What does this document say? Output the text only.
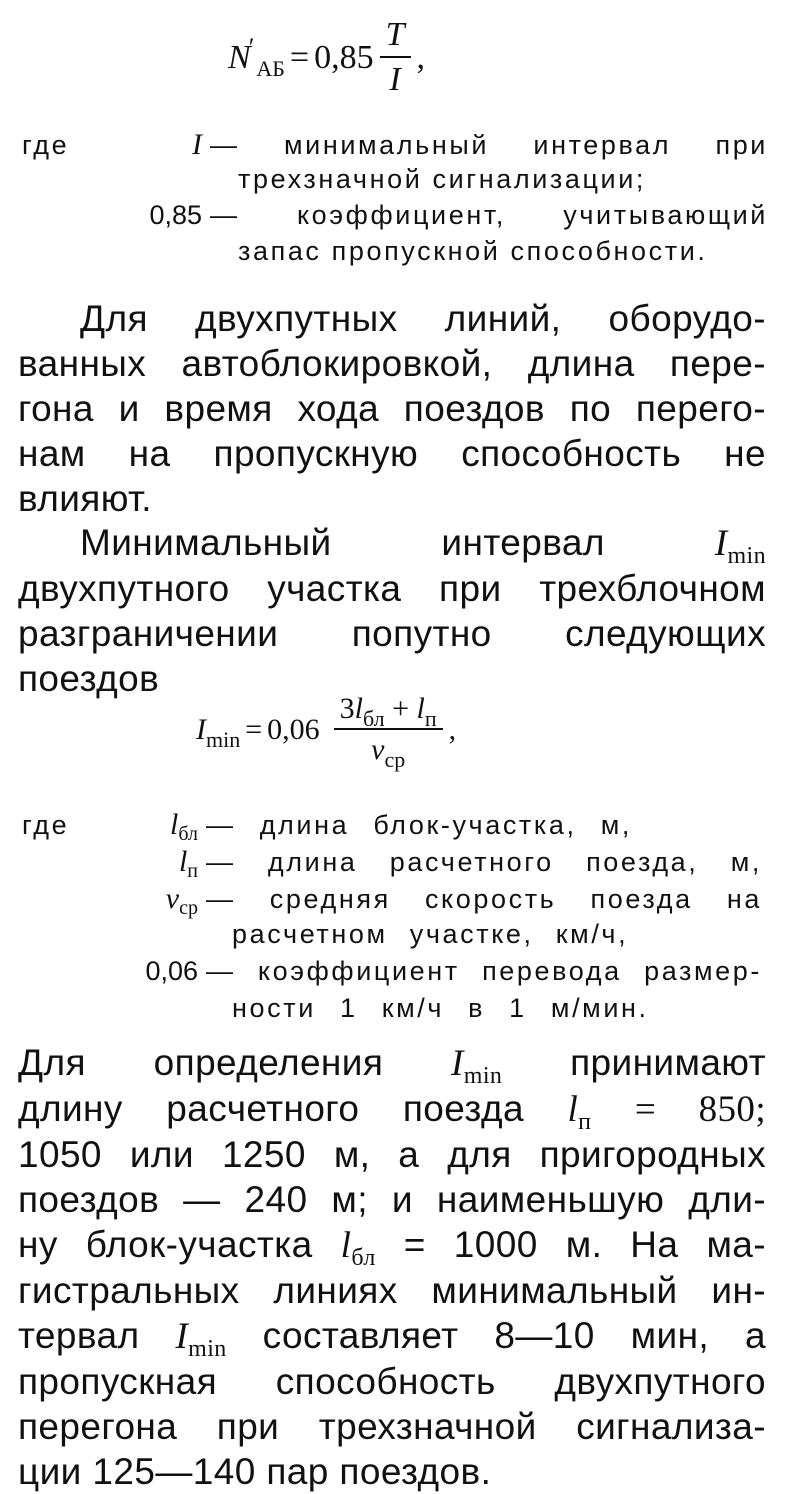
$N'_{АБ} = 0,85 \frac{T}{I}$ ,
где	I — минимальный интервал при
трехзначной сигнализации;
0,85 — коэффициент, учитывающий
запас пропускной способности.
Для двухпутных линий, оборудо-
ванных автоблокировкой, длина пере-
гона и время хода поездов по перего-
нам на пропускную способность не
влияют.
Минимальный интервал	$I_{min}$
двухпутного участка при трехблочном
разграничении попутно следующих
поездов
$I_{min} = 0,06 \frac{3l_{бл} + l_п}{v_{ср}}$ ,
где	$l_{бл}$ — длина блок-участка, м,
$l_п$ — длина расчетного поезда, м,
$v_{ср}$ — средняя скорость поезда на
расчетном участке, км/ч,
0,06 — коэффициент перевода размер-
ности 1 км/ч в 1 м/мин.
Для определения $I_{min}$ принимают
длину расчетного поезда $l_п = 850$;
1050 или 1250 м, а для пригородных
поездов — 240 м; и наименьшую дли-
ну блок-участка $l_{бл} = 1000$ м. На ма-
гистральных линиях минимальный ин-
тервал $I_{min}$ составляет 8—10 мин, а
пропускная способность двухпутного
перегона при трехзначной сигнализа-
ции 125—140 пар поездов.
